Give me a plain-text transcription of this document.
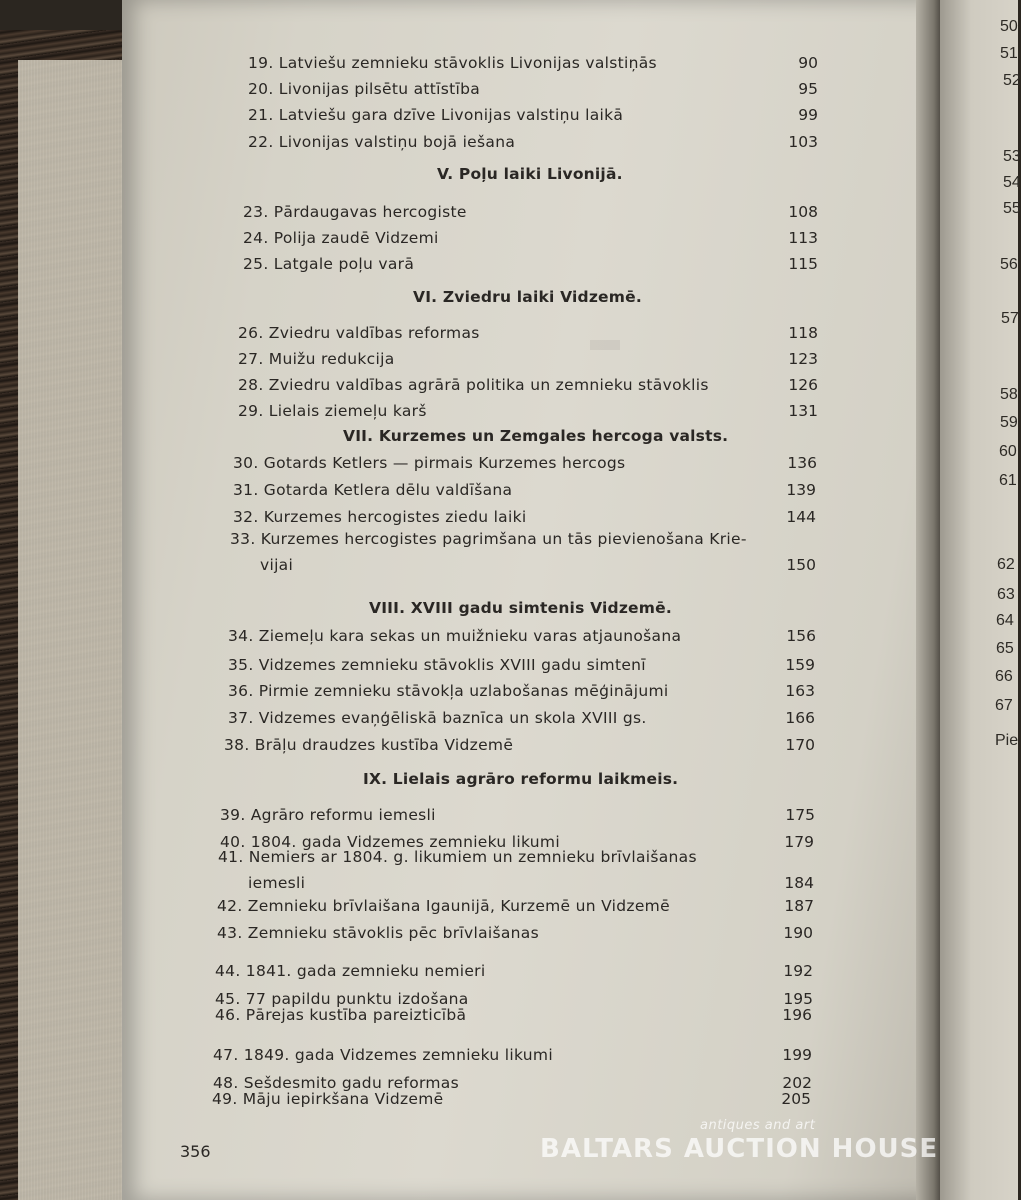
50
51
52
53
54
55
56
57
58
59
60
61
62
63
64
65
66
67
Pie
V. Poļu laiki Livonijā.
VI. Zviedru laiki Vidzemē.
VII. Kurzemes un Zemgales hercoga valsts.
VIII. XVIII gadu simtenis Vidzemē.
IX. Lielais agrāro reformu laikmeis.
19. Latviešu zemnieku stāvoklis Livonijas valstiņās	90
20. Livonijas pilsētu attīstība	95
21. Latviešu gara dzīve Livonijas valstiņu laikā	99
22. Livonijas valstiņu bojā iešana	103
23. Pārdaugavas hercogiste	108
24. Polija zaudē Vidzemi	113
25. Latgale poļu varā	115
26. Zviedru valdības reformas	118
27. Muižu redukcija	123
28. Zviedru valdības agrārā politika un zemnieku stāvoklis	126
29. Lielais ziemeļu karš	131
30. Gotards Ketlers — pirmais Kurzemes hercogs	136
31. Gotarda Ketlera dēlu valdīšana	139
32. Kurzemes hercogistes ziedu laiki	144
33. Kurzemes hercogistes pagrimšana un tās pievienošana Krie-
vijai	150
34. Ziemeļu kara sekas un muižnieku varas atjaunošana	156
35. Vidzemes zemnieku stāvoklis XVIII gadu simtenī	159
36. Pirmie zemnieku stāvokļa uzlabošanas mēģinājumi	163
37. Vidzemes evaņģēliskā baznīca un skola XVIII gs.	166
38. Brāļu draudzes kustība Vidzemē	170
39. Agrāro reformu iemesli	175
40. 1804. gada Vidzemes zemnieku likumi	179
41. Nemiers ar 1804. g. likumiem un zemnieku brīvlaišanas
iemesli	184
42. Zemnieku brīvlaišana Igaunijā, Kurzemē un Vidzemē	187
43. Zemnieku stāvoklis pēc brīvlaišanas	190
44. 1841. gada zemnieku nemieri	192
45. 77 papildu punktu izdošana	195
46. Pārejas kustība pareizticībā	196
47. 1849. gada Vidzemes zemnieku likumi	199
48. Sešdesmito gadu reformas	202
49. Māju iepirkšana Vidzemē	205
356
antiques and art
BALTARS AUCTION HOUSE
